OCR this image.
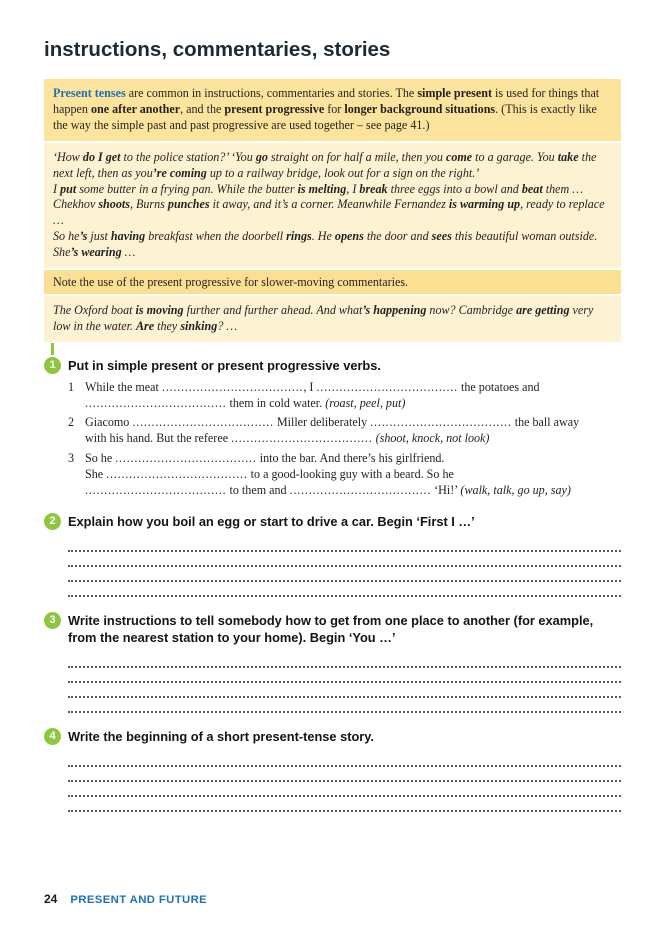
instructions, commentaries, stories

Present tenses are common in instructions, commentaries and stories. The simple present is used for things that happen one after another, and the present progressive for longer background situations. (This is exactly like the way the simple past and past progressive are used together – see page 41.)

‘How do I get to the police station?’ ‘You go straight on for half a mile, then you come to a garage. You take the next left, then as you’re coming up to a railway bridge, look out for a sign on the right.’

I put some butter in a frying pan. While the butter is melting, I break three eggs into a bowl and beat them …

Chekhov shoots, Burns punches it away, and it’s a corner. Meanwhile Fernandez is warming up, ready to replace …

So he’s just having breakfast when the doorbell rings. He opens the door and sees this beautiful woman outside. She’s wearing …

Note the use of the present progressive for slower-moving commentaries.

The Oxford boat is moving further and further ahead. And what’s happening now? Cambridge are getting very low in the water. Are they sinking? …

1 Put in simple present or present progressive verbs.
1 While the meat ....................................., I ..................................... the potatoes and
..................................... them in cold water. (roast, peel, put)
2 Giacomo ..................................... Miller deliberately ..................................... the ball away
with his hand. But the referee ..................................... (shoot, knock, not look)
3 So he ..................................... into the bar. And there’s his girlfriend.
She ..................................... to a good-looking guy with a beard. So he
..................................... to them and ..................................... ‘Hi!’ (walk, talk, go up, say)
2 Explain how you boil an egg or start to drive a car. Begin ‘First I …’
3 Write instructions to tell somebody how to get from one place to another (for example,
from the nearest station to your home). Begin ‘You …’
4 Write the beginning of a short present-tense story.
24 PRESENT AND FUTURE
